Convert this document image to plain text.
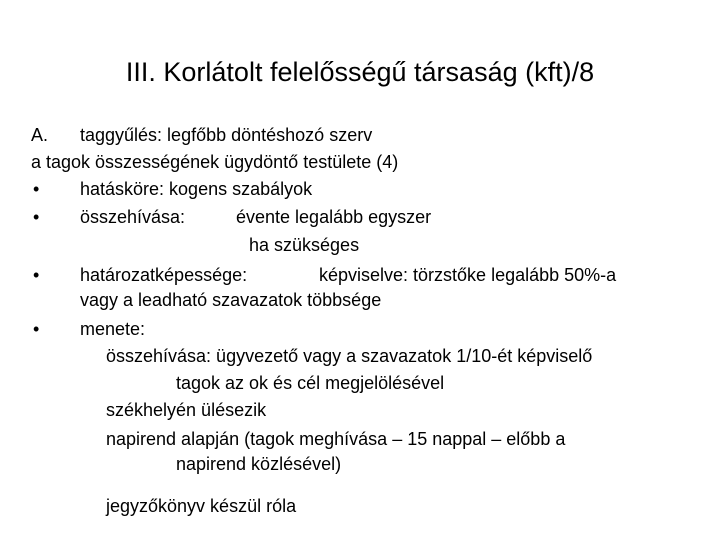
III. Korlátolt felelősségű társaság (kft)/8
A. taggyűlés: legfőbb döntéshozó szerv
a tagok összességének ügydöntő testülete (4)
• hatásköre: kogens szabályok
• összehívása:	évente legalább egyszer
ha szükséges
• határozatképessége:	képviselve: törzstőke legalább 50%-a
vagy a leadható szavazatok többsége
• menete:
összehívása: ügyvezető vagy a szavazatok 1/10-ét képviselő
tagok az ok és cél megjelölésével
székhelyén ülésezik
napirend alapján (tagok meghívása – 15 nappal – előbb a
napirend közlésével)
jegyzőkönyv készül róla
